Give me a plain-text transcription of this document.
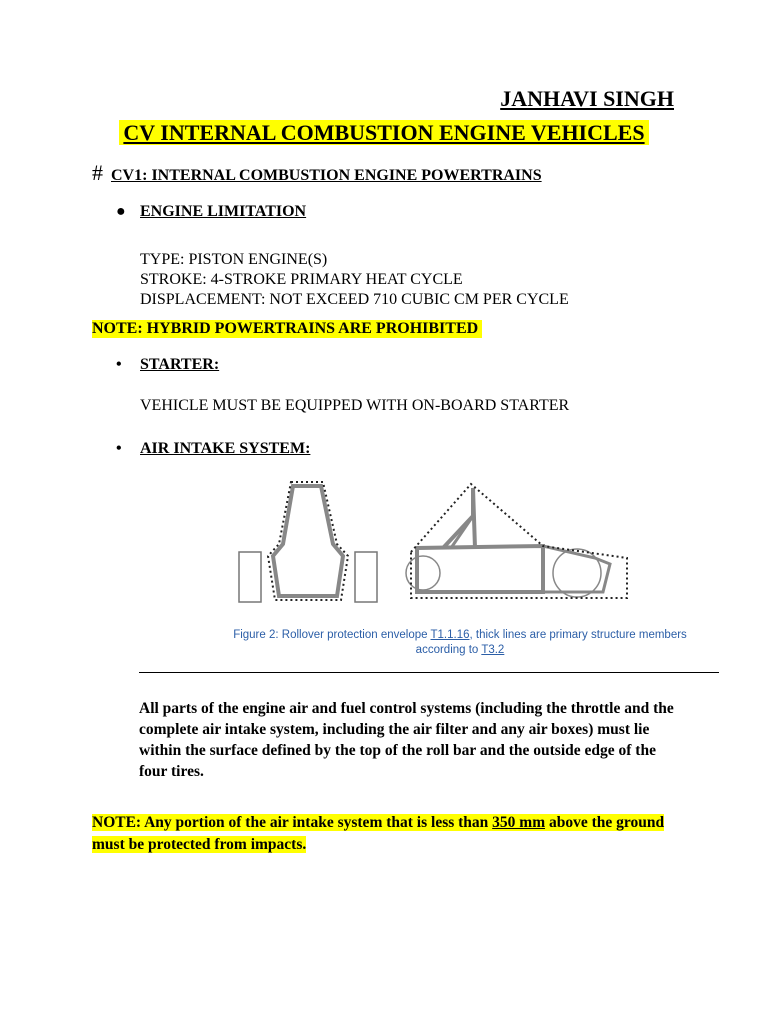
JANHAVI SINGH
CV INTERNAL COMBUSTION ENGINE VEHICLES
# CV1: INTERNAL COMBUSTION ENGINE POWERTRAINS
● ENGINE LIMITATION
TYPE: PISTON ENGINE(S)
STROKE: 4-STROKE PRIMARY HEAT CYCLE
DISPLACEMENT: NOT EXCEED 710 CUBIC CM PER CYCLE
NOTE: HYBRID POWERTRAINS ARE PROHIBITED
• STARTER:
VEHICLE MUST BE EQUIPPED WITH ON-BOARD STARTER
• AIR INTAKE SYSTEM:
Figure 2: Rollover protection envelope T1.1.16, thick lines are primary structure members according to T3.2
All parts of the engine air and fuel control systems (including the throttle and the complete air intake system, including the air filter and any air boxes) must lie within the surface defined by the top of the roll bar and the outside edge of the four tires.
NOTE: Any portion of the air intake system that is less than 350 mm above the ground must be protected from impacts.
